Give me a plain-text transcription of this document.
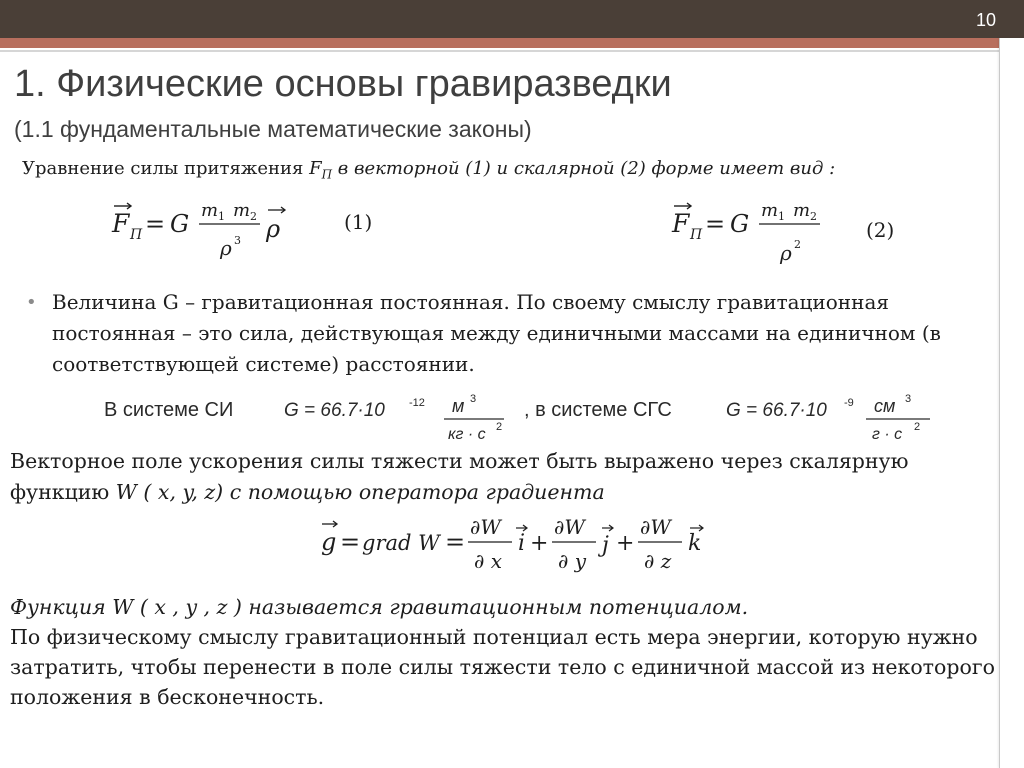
10
1. Физические основы гравиразведки
(1.1 фундаментальные математические законы)
Уравнение силы притяжения $F_П$ в векторной (1) и скалярной (2) форме имеет вид :
F П = G m 1 m 2
ρ 3 ρ	(1)	F П = G m 1 m 2
ρ 2
(2)
• Величина G – гравитационная постоянная. По своему смыслу гравитационная постоянная – это сила, действующая между единичными массами на единичном (в соответствующей системе) расстоянии.
В системе СИ	G = 66.7·10 -12 м 3
кг · с 2
, в системе СГС	G = 66.7·10 -9 см 3
г · с 2
Векторное поле ускорения силы тяжести может быть выражено через скалярную функцию W ( x, y, z) с помощью оператора градиента
g = grad W =
∂W
∂ x
i +
∂W
∂ y
j +
∂W
∂ z
k
Функция W ( x , y , z ) называется гравитационным потенциалом.
По физическому смыслу гравитационный потенциал есть мера энергии, которую нужно затратить, чтобы перенести в поле силы тяжести тело с единичной массой из некоторого положения в бесконечность.
